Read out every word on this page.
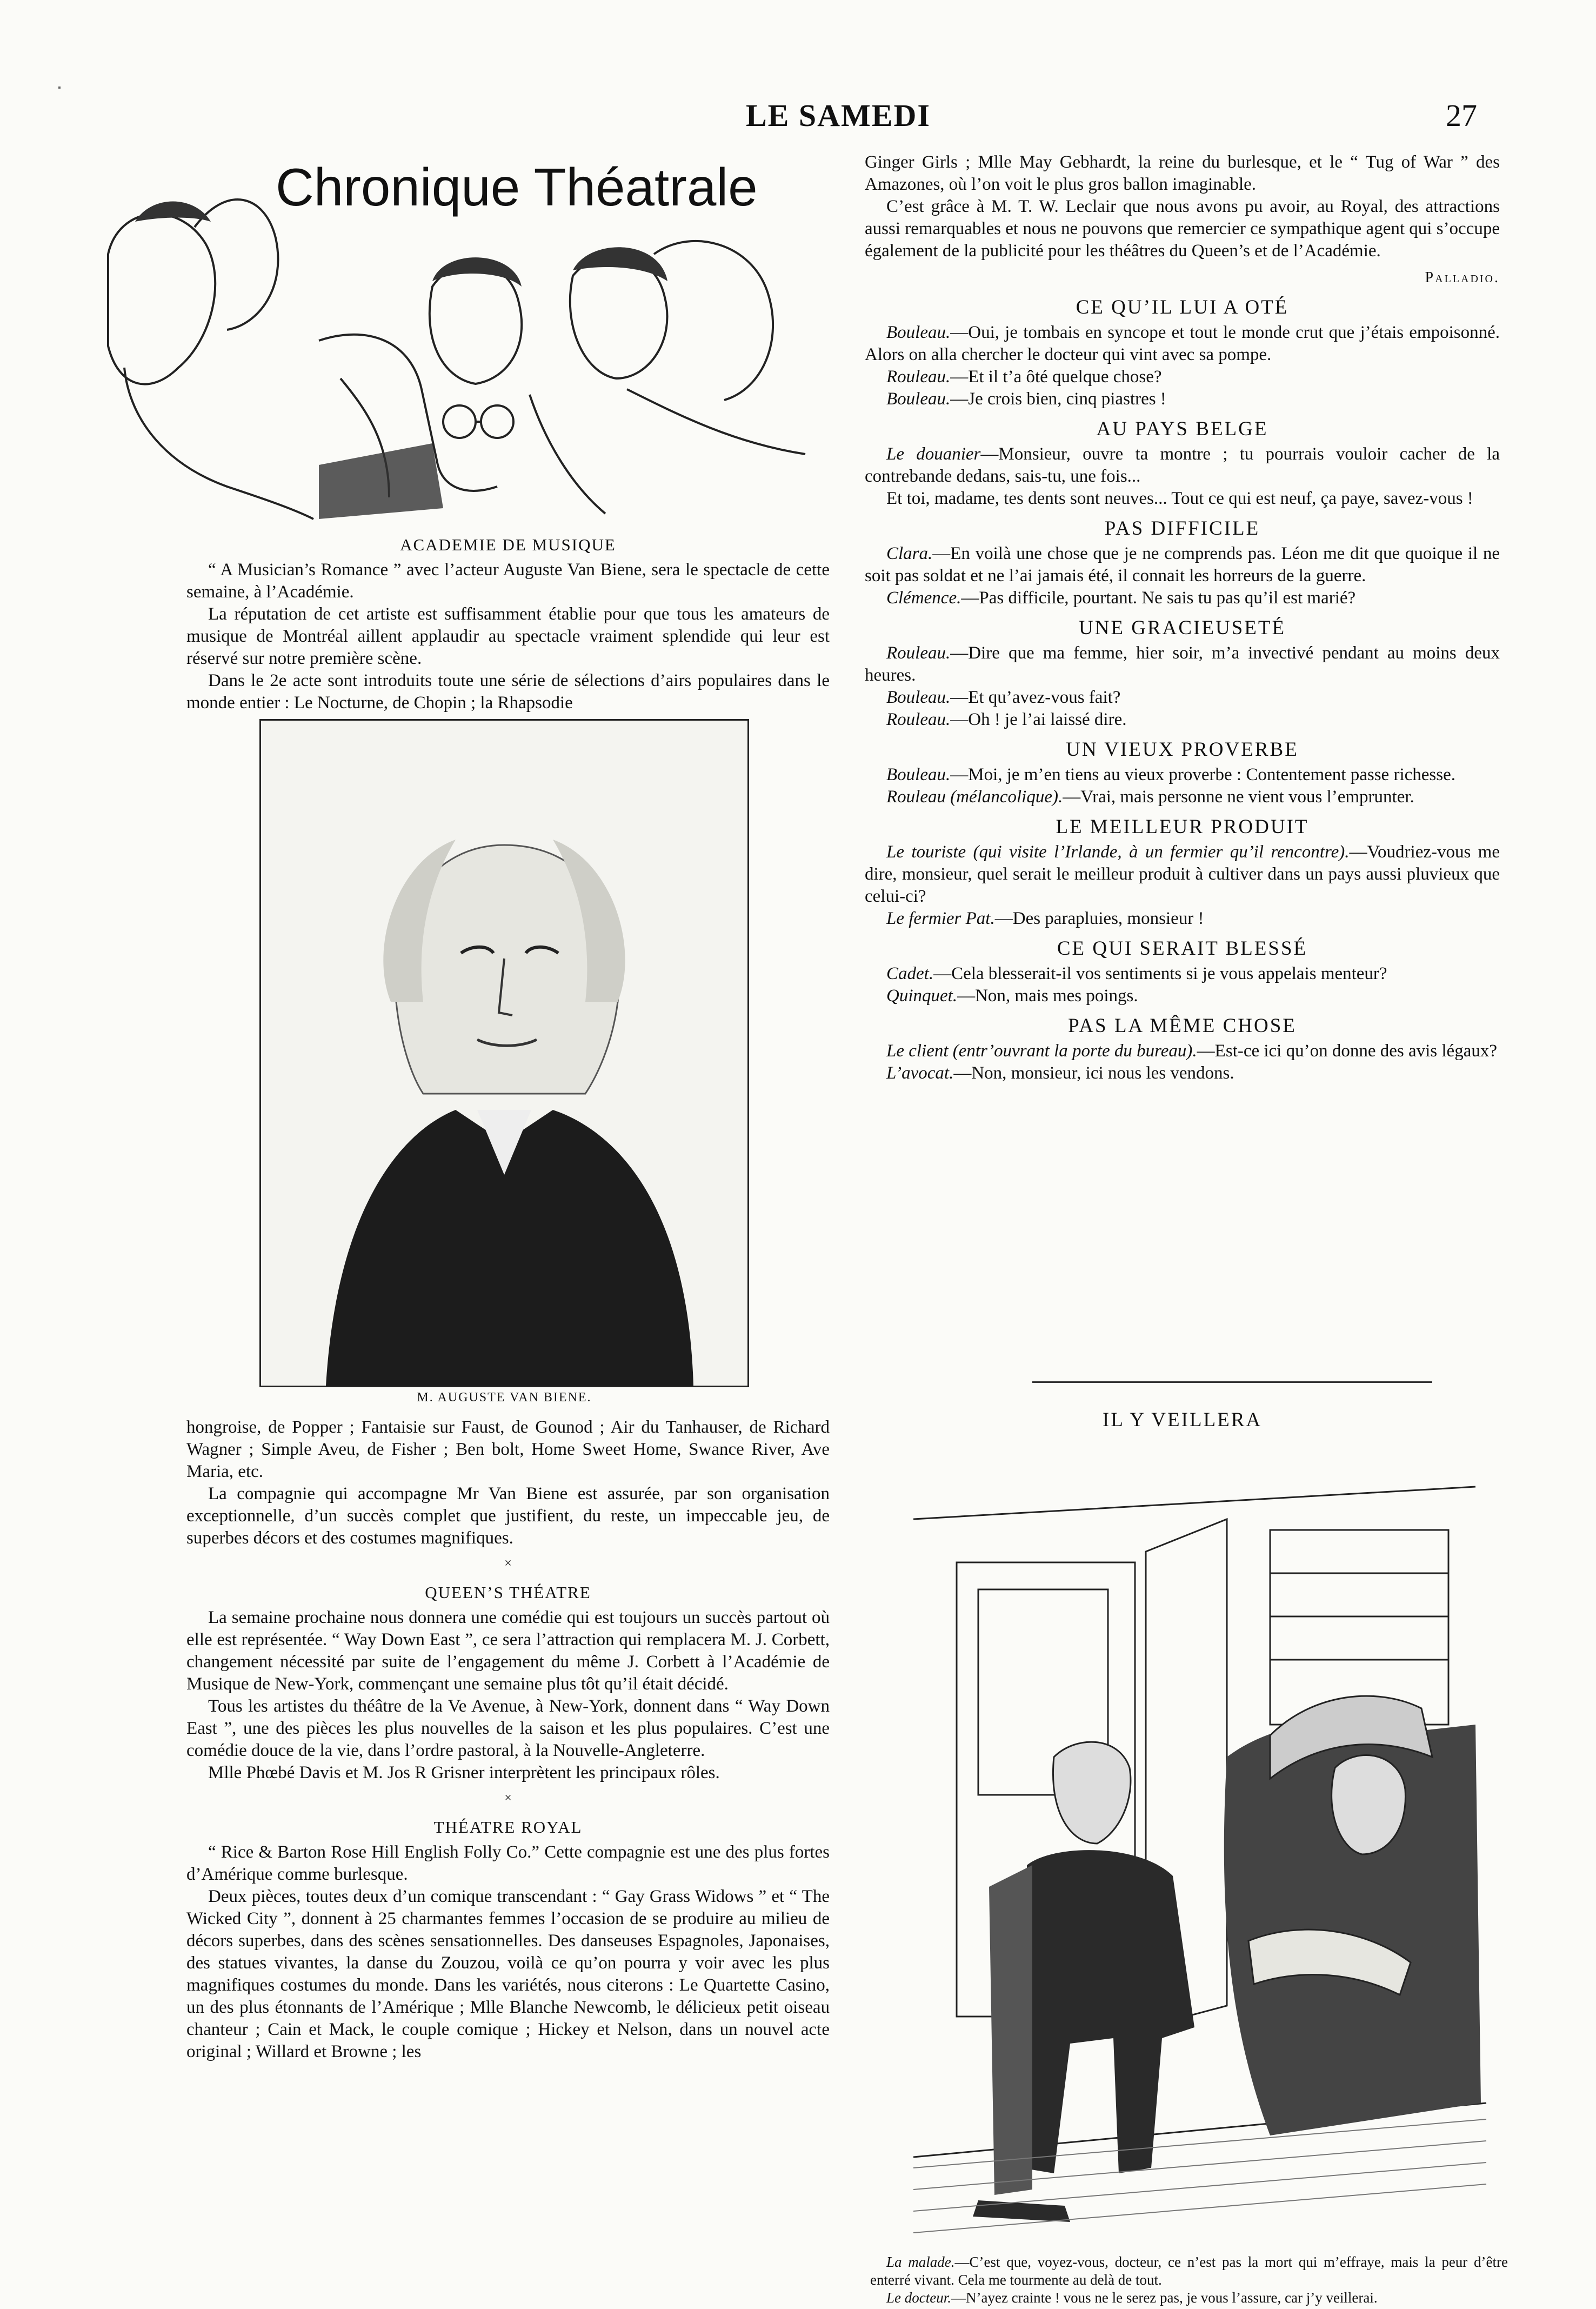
LE SAMEDI	27
Chronique Théatrale
ACADEMIE DE MUSIQUE

“ A Musician’s Romance ” avec l’acteur Auguste Van Biene, sera le spectacle de cette semaine, à l’Académie.

La réputation de cet artiste est suffisamment établie pour que tous les amateurs de musique de Montréal aillent applaudir au spectacle vraiment splendide qui leur est réservé sur notre première scène.

Dans le 2e acte sont introduits toute une série de sélections d’airs populaires dans le monde entier : Le Nocturne, de Chopin ; la Rhapsodie

M. AUGUSTE VAN BIENE.

hongroise, de Popper ; Fantaisie sur Faust, de Gounod ; Air du Tanhauser, de Richard Wagner ; Simple Aveu, de Fisher ; Ben bolt, Home Sweet Home, Swance River, Ave Maria, etc.

La compagnie qui accompagne Mr Van Biene est assurée, par son organisation exceptionnelle, d’un succès complet que justifient, du reste, un impeccable jeu, de superbes décors et des costumes magnifiques.

×
QUEEN’S THÉATRE

La semaine prochaine nous donnera une comédie qui est toujours un succès partout où elle est représentée. “ Way Down East ”, ce sera l’attraction qui remplacera M. J. Corbett, changement nécessité par suite de l’engagement du même J. Corbett à l’Académie de Musique de New-York, commençant une semaine plus tôt qu’il était décidé.

Tous les artistes du théâtre de la Ve Avenue, à New-York, donnent dans “ Way Down East ”, une des pièces les plus nouvelles de la saison et les plus populaires. C’est une comédie douce de la vie, dans l’ordre pastoral, à la Nouvelle-Angleterre.

Mlle Phœbé Davis et M. Jos R Grisner interprètent les principaux rôles.

×
THÉATRE ROYAL

“ Rice & Barton Rose Hill English Folly Co.” Cette compagnie est une des plus fortes d’Amérique comme burlesque.

Deux pièces, toutes deux d’un comique transcendant : “ Gay Grass Widows ” et “ The Wicked City ”, donnent à 25 charmantes femmes l’occasion de se produire au milieu de décors superbes, dans des scènes sensationnelles. Des danseuses Espagnoles, Japonaises, des statues vivantes, la danse du Zouzou, voilà ce qu’on pourra y voir avec les plus magnifiques costumes du monde. Dans les variétés, nous citerons : Le Quartette Casino, un des plus étonnants de l’Amérique ; Mlle Blanche Newcomb, le délicieux petit oiseau chanteur ; Cain et Mack, le couple comique ; Hickey et Nelson, dans un nouvel acte original ; Willard et Browne ; les

Ginger Girls ; Mlle May Gebhardt, la reine du burlesque, et le “ Tug of War ” des Amazones, où l’on voit le plus gros ballon imaginable.

C’est grâce à M. T. W. Leclair que nous avons pu avoir, au Royal, des attractions aussi remarquables et nous ne pouvons que remercier ce sympathique agent qui s’occupe également de la publicité pour les théâtres du Queen’s et de l’Académie.

Palladio.
CE QU’IL LUI A OTÉ

Bouleau.—Oui, je tombais en syncope et tout le monde crut que j’étais empoisonné. Alors on alla chercher le docteur qui vint avec sa pompe.

Rouleau.—Et il t’a ôté quelque chose?

Bouleau.—Je crois bien, cinq piastres !

AU PAYS BELGE

Le douanier—Monsieur, ouvre ta montre ; tu pourrais vouloir cacher de la contrebande dedans, sais-tu, une fois...

Et toi, madame, tes dents sont neuves... Tout ce qui est neuf, ça paye, savez-vous !

PAS DIFFICILE

Clara.—En voilà une chose que je ne comprends pas. Léon me dit que quoique il ne soit pas soldat et ne l’ai jamais été, il connait les horreurs de la guerre.

Clémence.—Pas difficile, pourtant. Ne sais tu pas qu’il est marié?

UNE GRACIEUSETÉ

Rouleau.—Dire que ma femme, hier soir, m’a invectivé pendant au moins deux heures.

Bouleau.—Et qu’avez-vous fait?

Rouleau.—Oh ! je l’ai laissé dire.

UN VIEUX PROVERBE

Bouleau.—Moi, je m’en tiens au vieux proverbe : Contentement passe richesse.

Rouleau (mélancolique).—Vrai, mais personne ne vient vous l’emprunter.

LE MEILLEUR PRODUIT

Le touriste (qui visite l’Irlande, à un fermier qu’il rencontre).—Voudriez-vous me dire, monsieur, quel serait le meilleur produit à cultiver dans un pays aussi pluvieux que celui-ci?

Le fermier Pat.—Des parapluies, monsieur !

CE QUI SERAIT BLESSÉ

Cadet.—Cela blesserait-il vos sentiments si je vous appelais menteur?

Quinquet.—Non, mais mes poings.

PAS LA MÊME CHOSE

Le client (entr’ouvrant la porte du bureau).—Est-ce ici qu’on donne des avis légaux?

L’avocat.—Non, monsieur, ici nous les vendons.

IL Y VEILLERA

La malade.—C’est que, voyez-vous, docteur, ce n’est pas la mort qui m’effraye, mais la peur d’être enterré vivant. Cela me tourmente au delà de tout.

Le docteur.—N’ayez crainte ! vous ne le serez pas, je vous l’assure, car j’y veillerai.
